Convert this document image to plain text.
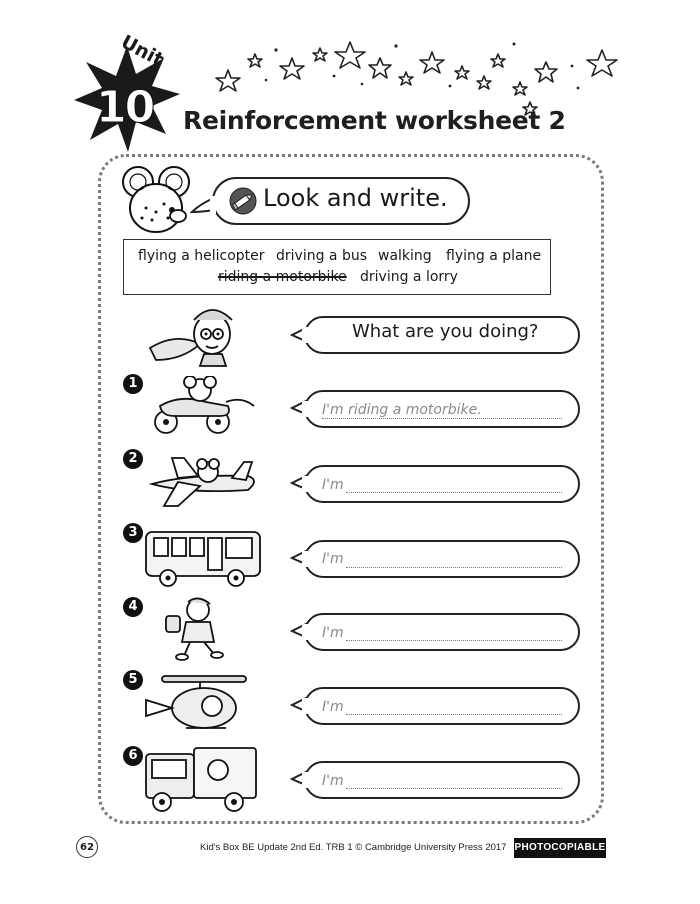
Unit
10 Reinforcement worksheet 2
Look and write.
flying a helicopter driving a bus walking flying a plane
riding a motorbike driving a lorry
What are you doing?
1
I'm riding a motorbike.
2
I'm
3
I'm
4
I'm
5
I'm
6
I'm
62	Kid's Box BE Update 2nd Ed. TRB 1 © Cambridge University Press 2017 PHOTOCOPIABLE
